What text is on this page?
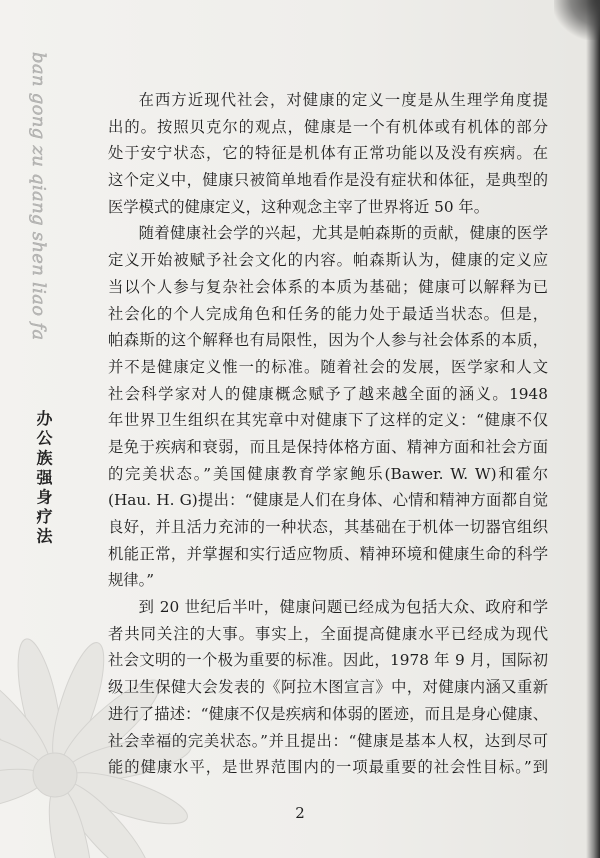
ban gong zu qiang shen liao fa
办公族强身疗法
在西方近现代社会，对健康的定义一度是从生理学角度提
出的。按照贝克尔的观点，健康是一个有机体或有机体的部分
处于安宁状态，它的特征是机体有正常功能以及没有疾病。在
这个定义中，健康只被简单地看作是没有症状和体征，是典型的
医学模式的健康定义，这种观念主宰了世界将近 50 年。
随着健康社会学的兴起，尤其是帕森斯的贡献，健康的医学
定义开始被赋予社会文化的内容。帕森斯认为，健康的定义应
当以个人参与复杂社会体系的本质为基础；健康可以解释为已
社会化的个人完成角色和任务的能力处于最适当状态。但是，
帕森斯的这个解释也有局限性，因为个人参与社会体系的本质，
并不是健康定义惟一的标准。随着社会的发展，医学家和人文
社会科学家对人的健康概念赋予了越来越全面的涵义。1948
年世界卫生组织在其宪章中对健康下了这样的定义：“健康不仅
是免于疾病和衰弱，而且是保持体格方面、精神方面和社会方面
的完美状态。”美国健康教育学家鲍乐(Bawer. W. W)和霍尔
(Hau. H. G)提出：“健康是人们在身体、心情和精神方面都自觉
良好，并且活力充沛的一种状态，其基础在于机体一切器官组织
机能正常，并掌握和实行适应物质、精神环境和健康生命的科学
规律。”
到 20 世纪后半叶，健康问题已经成为包括大众、政府和学
者共同关注的大事。事实上，全面提高健康水平已经成为现代
社会文明的一个极为重要的标准。因此，1978 年 9 月，国际初
级卫生保健大会发表的《阿拉木图宣言》中，对健康内涵又重新
进行了描述：“健康不仅是疾病和体弱的匿迹，而且是身心健康、
社会幸福的完美状态。”并且提出：“健康是基本人权，达到尽可
能的健康水平，是世界范围内的一项最重要的社会性目标。”到
2
